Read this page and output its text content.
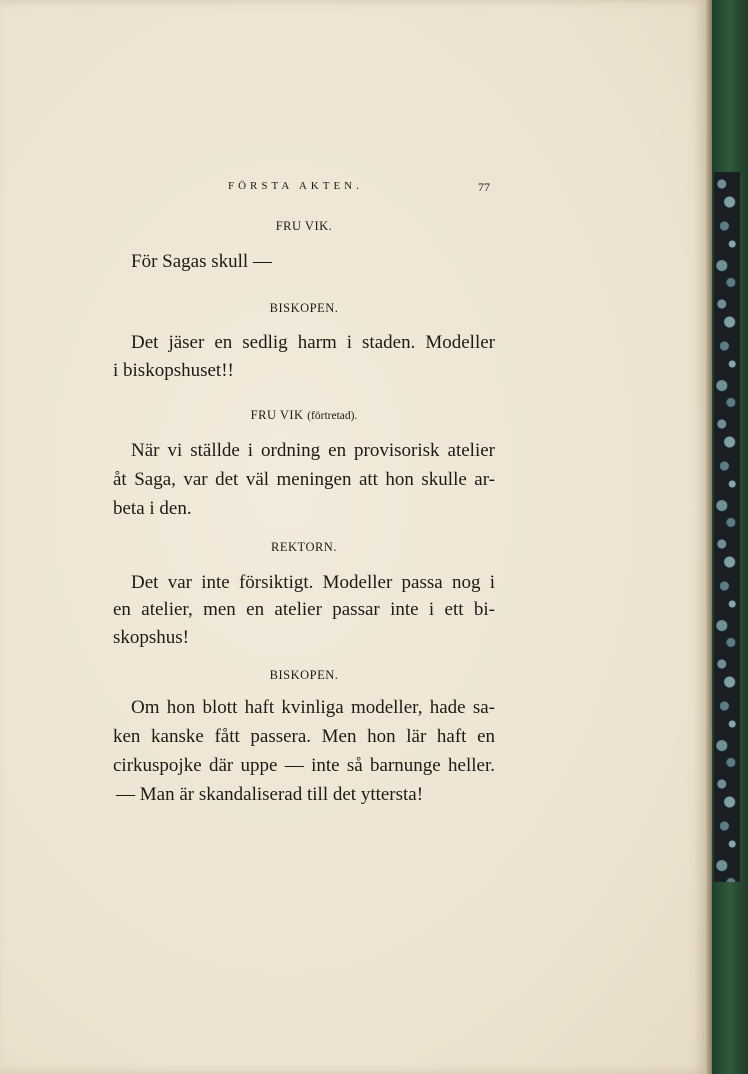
FÖRSTA AKTEN.	77
FRU VIK.
För Sagas skull —
BISKOPEN.
Det jäser en sedlig harm i staden. Modeller
i biskopshuset!!
FRU VIK (förtretad).
När vi ställde i ordning en provisorisk atelier
åt Saga, var det väl meningen att hon skulle ar-
beta i den.
REKTORN.
Det var inte försiktigt. Modeller passa nog i
en atelier, men en atelier passar inte i ett bi-
skopshus!
BISKOPEN.
Om hon blott haft kvinliga modeller, hade sa-
ken kanske fått passera. Men hon lär haft en
cirkuspojke där uppe — inte så barnunge heller.
— Man är skandaliserad till det yttersta!
